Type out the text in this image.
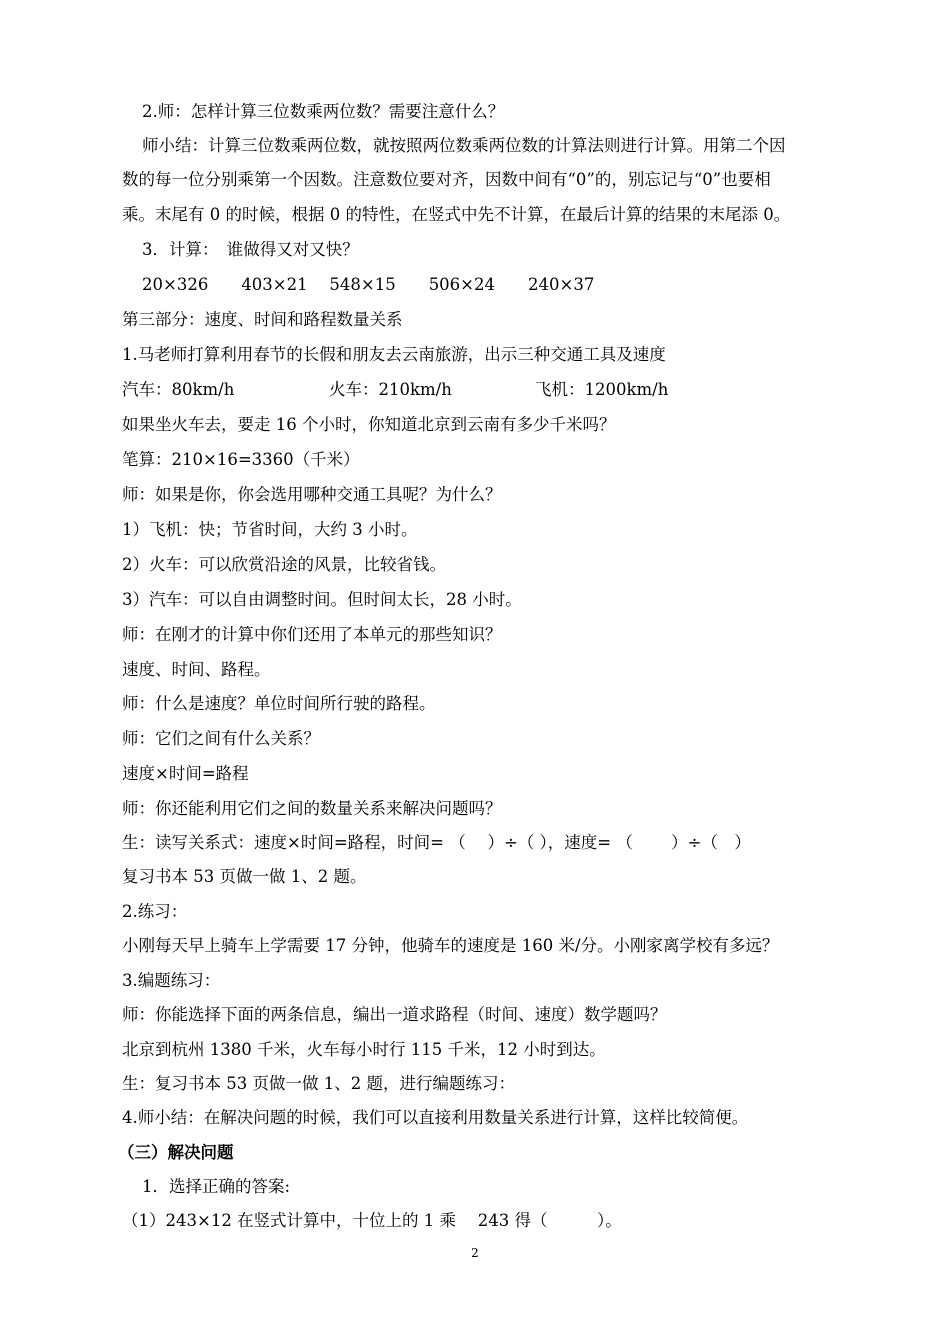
2.师：怎样计算三位数乘两位数？需要注意什么？
师小结：计算三位数乘两位数，就按照两位数乘两位数的计算法则进行计算。用第二个因
数的每一位分别乘第一个因数。注意数位要对齐，因数中间有“0”的，别忘记与“0”也要相
乘。末尾有 0 的时候，根据 0 的特性，在竖式中先不计算，在最后计算的结果的末尾添 0。
3．计算：　谁做得又对又快？
20×326　　403×21　 548×15　　506×24　　240×37
第三部分：速度、时间和路程数量关系
1.马老师打算利用春节的长假和朋友去云南旅游，出示三种交通工具及速度
汽车：80km/h	火车：210km/h	飞机：1200km/h
如果坐火车去，要走 16 个小时，你知道北京到云南有多少千米吗？
笔算：210×16=3360（千米）
师：如果是你，你会选用哪种交通工具呢？为什么？
1）飞机：快；节省时间，大约 3 小时。
2）火车：可以欣赏沿途的风景，比较省钱。
3）汽车：可以自由调整时间。但时间太长，28 小时。
师：在刚才的计算中你们还用了本单元的那些知识？
速度、时间、路程。
师：什么是速度？单位时间所行驶的路程。
师：它们之间有什么关系？
速度×时间=路程
师：你还能利用它们之间的数量关系来解决问题吗？
生：读写关系式：速度×时间=路程，时间= （　 ）÷（ ），速度= （　　 ）÷（　）
复习书本 53 页做一做 1、2 题。
2.练习：
小刚每天早上骑车上学需要 17 分钟，他骑车的速度是 160 米/分。小刚家离学校有多远？
3.编题练习：
师：你能选择下面的两条信息，编出一道求路程（时间、速度）数学题吗？
北京到杭州 1380 千米，火车每小时行 115 千米，12 小时到达。
生：复习书本 53 页做一做 1、2 题，进行编题练习：
4.师小结：在解决问题的时候，我们可以直接利用数量关系进行计算，这样比较简便。
（三）解决问题
1．选择正确的答案:
（1）243×12 在竖式计算中，十位上的 1 乘　 243 得（　　　）。
2
